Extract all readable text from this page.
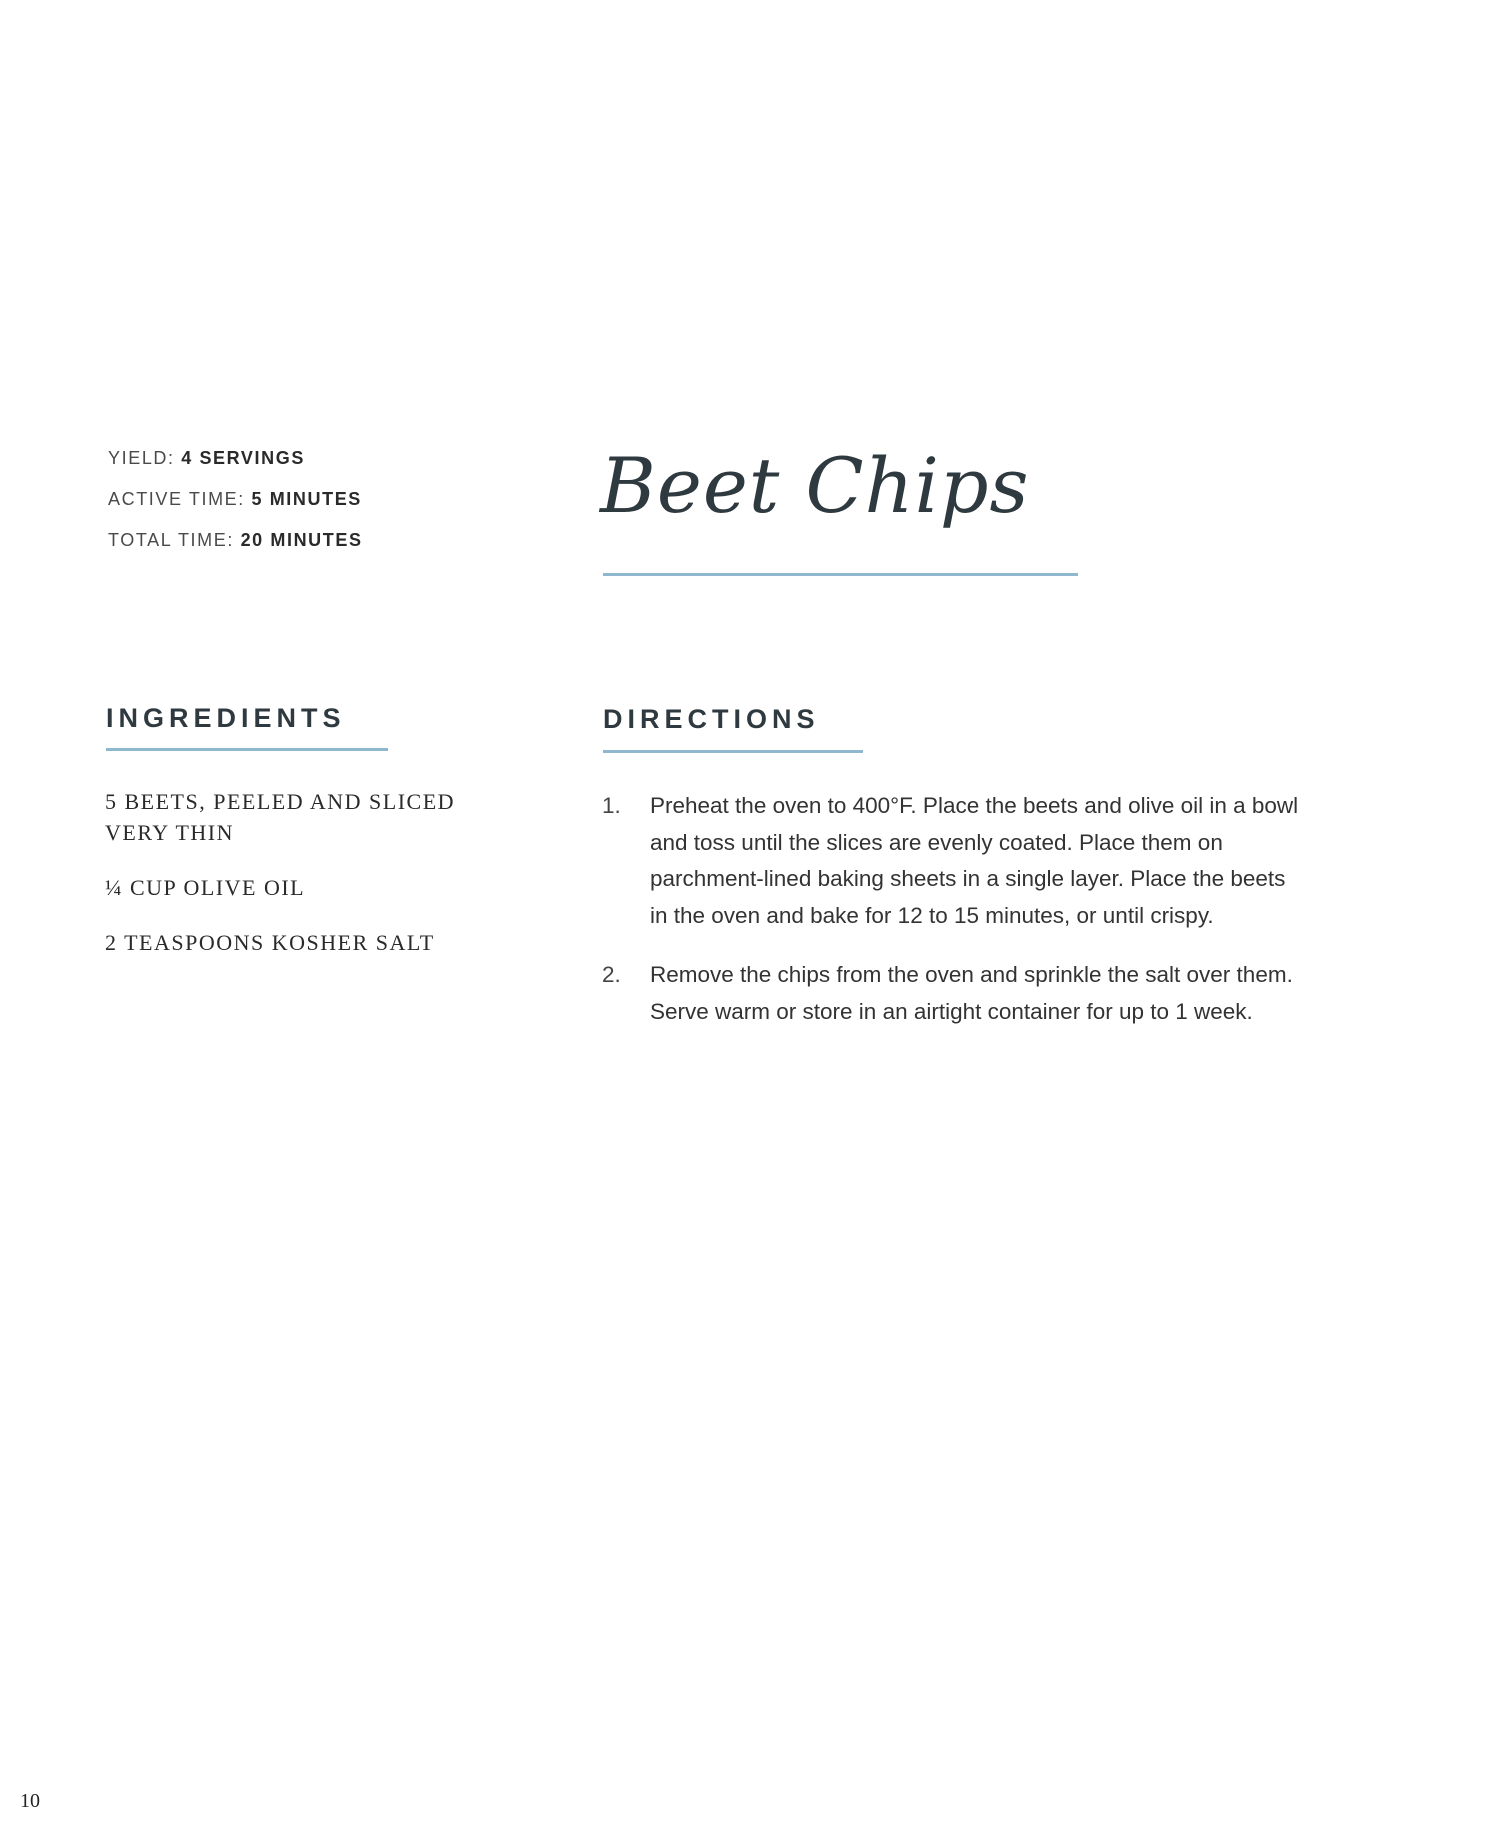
YIELD: 4 SERVINGS
ACTIVE TIME: 5 MINUTES
TOTAL TIME: 20 MINUTES
Beet Chips
INGREDIENTS
5 BEETS, PEELED AND SLICED VERY THIN
¼ CUP OLIVE OIL
2 TEASPOONS KOSHER SALT
DIRECTIONS
1.	Preheat the oven to 400°F. Place the beets and olive oil in a bowl and toss until the slices are evenly coated. Place them on parchment-lined baking sheets in a single layer. Place the beets in the oven and bake for 12 to 15 minutes, or until crispy.
2.	Remove the chips from the oven and sprinkle the salt over them. Serve warm or store in an airtight container for up to 1 week.
10
